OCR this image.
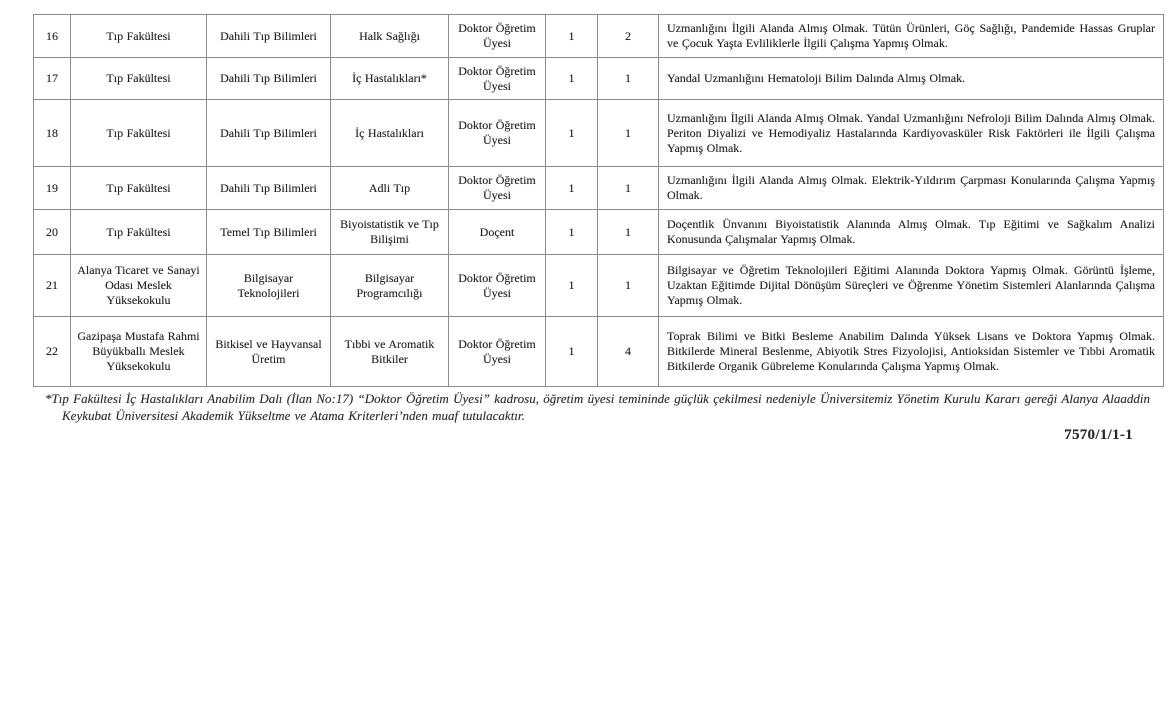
16	Tıp Fakültesi	Dahili Tıp Bilimleri	Halk Sağlığı	Doktor Öğretim Üyesi	1	2	Uzmanlığını İlgili Alanda Almış Olmak. Tütün Ürünleri, Göç Sağlığı, Pandemide Hassas Gruplar ve Çocuk Yaşta Evliliklerle İlgili Çalışma Yapmış Olmak.
17	Tıp Fakültesi	Dahili Tıp Bilimleri	İç Hastalıkları*	Doktor Öğretim Üyesi	1	1	Yandal Uzmanlığını Hematoloji Bilim Dalında Almış Olmak.
18	Tıp Fakültesi	Dahili Tıp Bilimleri	İç Hastalıkları	Doktor Öğretim Üyesi	1	1	Uzmanlığını İlgili Alanda Almış Olmak. Yandal Uzmanlığını Nefroloji Bilim Dalında Almış Olmak. Periton Diyalizi ve Hemodiyaliz Hastalarında Kardiyovasküler Risk Faktörleri ile İlgili Çalışma Yapmış Olmak.
19	Tıp Fakültesi	Dahili Tıp Bilimleri	Adli Tıp	Doktor Öğretim Üyesi	1	1	Uzmanlığını İlgili Alanda Almış Olmak. Elektrik-Yıldırım Çarpması Konularında Çalışma Yapmış Olmak.
20	Tıp Fakültesi	Temel Tıp Bilimleri	Biyoistatistik ve Tıp Bilişimi	Doçent	1	1	Doçentlik Ünvanını Biyoistatistik Alanında Almış Olmak. Tıp Eğitimi ve Sağkalım Analizi Konusunda Çalışmalar Yapmış Olmak.
21	Alanya Ticaret ve Sanayi Odası Meslek Yüksekokulu	Bilgisayar Teknolojileri	Bilgisayar Programcılığı	Doktor Öğretim Üyesi	1	1	Bilgisayar ve Öğretim Teknolojileri Eğitimi Alanında Doktora Yapmış Olmak. Görüntü İşleme, Uzaktan Eğitimde Dijital Dönüşüm Süreçleri ve Öğrenme Yönetim Sistemleri Alanlarında Çalışma Yapmış Olmak.
22	Gazipaşa Mustafa Rahmi Büyükballı Meslek Yüksekokulu	Bitkisel ve Hayvansal Üretim	Tıbbi ve Aromatik Bitkiler	Doktor Öğretim Üyesi	1	4	Toprak Bilimi ve Bitki Besleme Anabilim Dalında Yüksek Lisans ve Doktora Yapmış Olmak. Bitkilerde Mineral Beslenme, Abiyotik Stres Fizyolojisi, Antioksidan Sistemler ve Tıbbi Aromatik Bitkilerde Organik Gübreleme Konularında Çalışma Yapmış Olmak.
*Tıp Fakültesi İç Hastalıkları Anabilim Dalı (İlan No:17) “Doktor Öğretim Üyesi” kadrosu, öğretim üyesi temininde güçlük çekilmesi nedeniyle Üniversitemiz Yönetim Kurulu Kararı gereği Alanya Alaaddin Keykubat Üniversitesi Akademik Yükseltme ve Atama Kriterleri’nden muaf tutulacaktır.
7570/1/1-1
